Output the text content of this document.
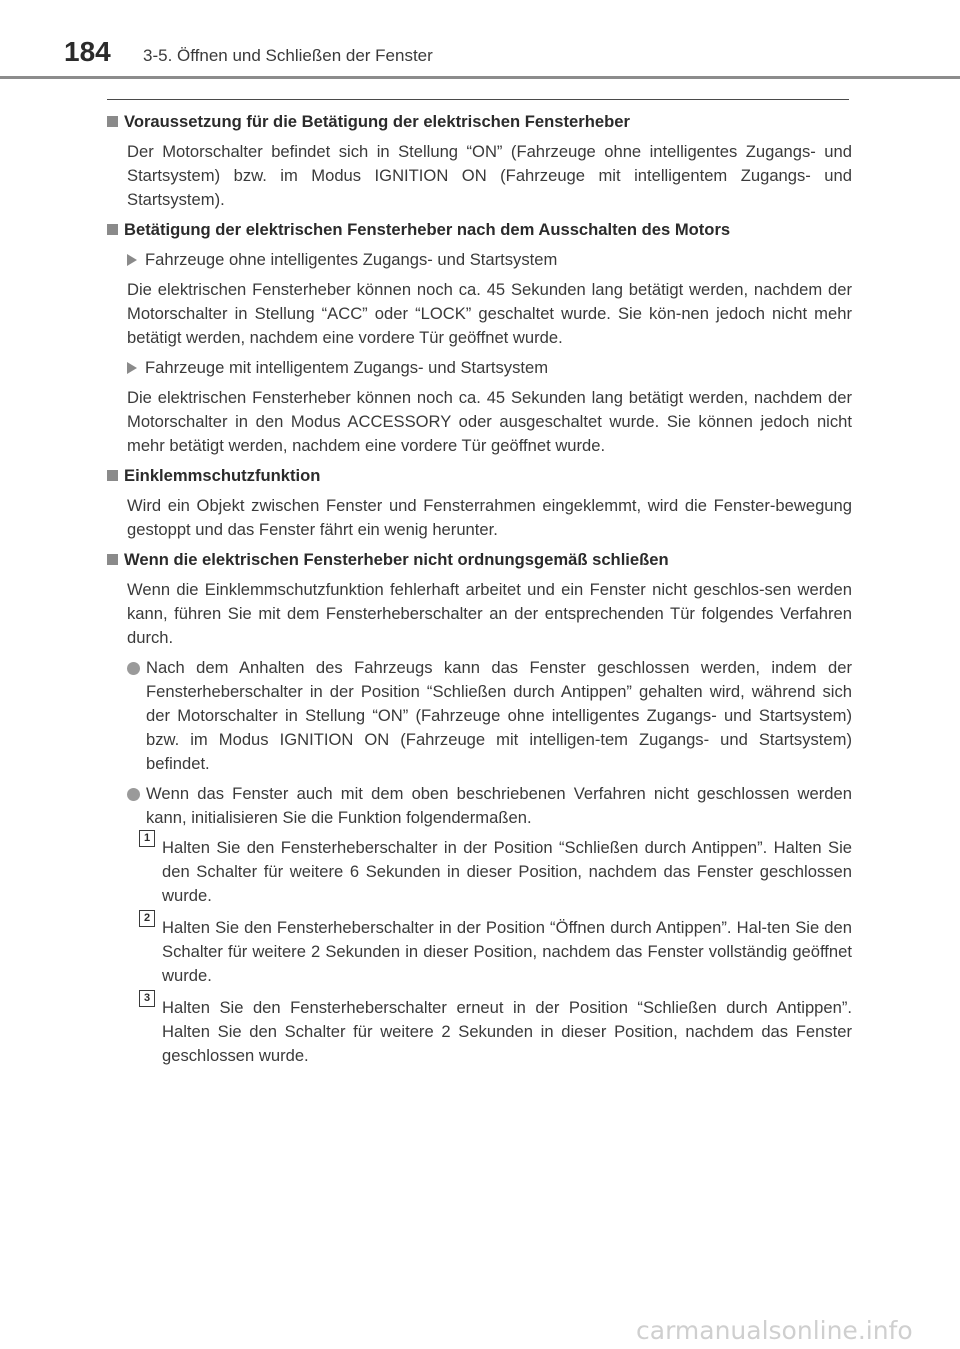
184 3-5. Öffnen und Schließen der Fenster
Voraussetzung für die Betätigung der elektrischen Fensterheber
Der Motorschalter befindet sich in Stellung “ON” (Fahrzeuge ohne intelligentes Zugangs- und Startsystem) bzw. im Modus IGNITION ON (Fahrzeuge mit intelligentem Zugangs- und Startsystem).
Betätigung der elektrischen Fensterheber nach dem Ausschalten des Motors
Fahrzeuge ohne intelligentes Zugangs- und Startsystem
Die elektrischen Fensterheber können noch ca. 45 Sekunden lang betätigt werden, nachdem der Motorschalter in Stellung “ACC” oder “LOCK” geschaltet wurde. Sie kön-nen jedoch nicht mehr betätigt werden, nachdem eine vordere Tür geöffnet wurde.
Fahrzeuge mit intelligentem Zugangs- und Startsystem
Die elektrischen Fensterheber können noch ca. 45 Sekunden lang betätigt werden, nachdem der Motorschalter in den Modus ACCESSORY oder ausgeschaltet wurde. Sie können jedoch nicht mehr betätigt werden, nachdem eine vordere Tür geöffnet wurde.
Einklemmschutzfunktion
Wird ein Objekt zwischen Fenster und Fensterrahmen eingeklemmt, wird die Fenster-bewegung gestoppt und das Fenster fährt ein wenig herunter.
Wenn die elektrischen Fensterheber nicht ordnungsgemäß schließen
Wenn die Einklemmschutzfunktion fehlerhaft arbeitet und ein Fenster nicht geschlos-sen werden kann, führen Sie mit dem Fensterheberschalter an der entsprechenden Tür folgendes Verfahren durch.
Nach dem Anhalten des Fahrzeugs kann das Fenster geschlossen werden, indem der Fensterheberschalter in der Position “Schließen durch Antippen” gehalten wird, während sich der Motorschalter in Stellung “ON” (Fahrzeuge ohne intelligentes Zugangs- und Startsystem) bzw. im Modus IGNITION ON (Fahrzeuge mit intelligen-tem Zugangs- und Startsystem) befindet.
Wenn das Fenster auch mit dem oben beschriebenen Verfahren nicht geschlossen werden kann, initialisieren Sie die Funktion folgendermaßen.
1 Halten Sie den Fensterheberschalter in der Position “Schließen durch Antippen”. Halten Sie den Schalter für weitere 6 Sekunden in dieser Position, nachdem das Fenster geschlossen wurde.
2 Halten Sie den Fensterheberschalter in der Position “Öffnen durch Antippen”. Hal-ten Sie den Schalter für weitere 2 Sekunden in dieser Position, nachdem das Fenster vollständig geöffnet wurde.
3 Halten Sie den Fensterheberschalter erneut in der Position “Schließen durch Antippen”. Halten Sie den Schalter für weitere 2 Sekunden in dieser Position, nachdem das Fenster geschlossen wurde.
carmanualsonline.info
